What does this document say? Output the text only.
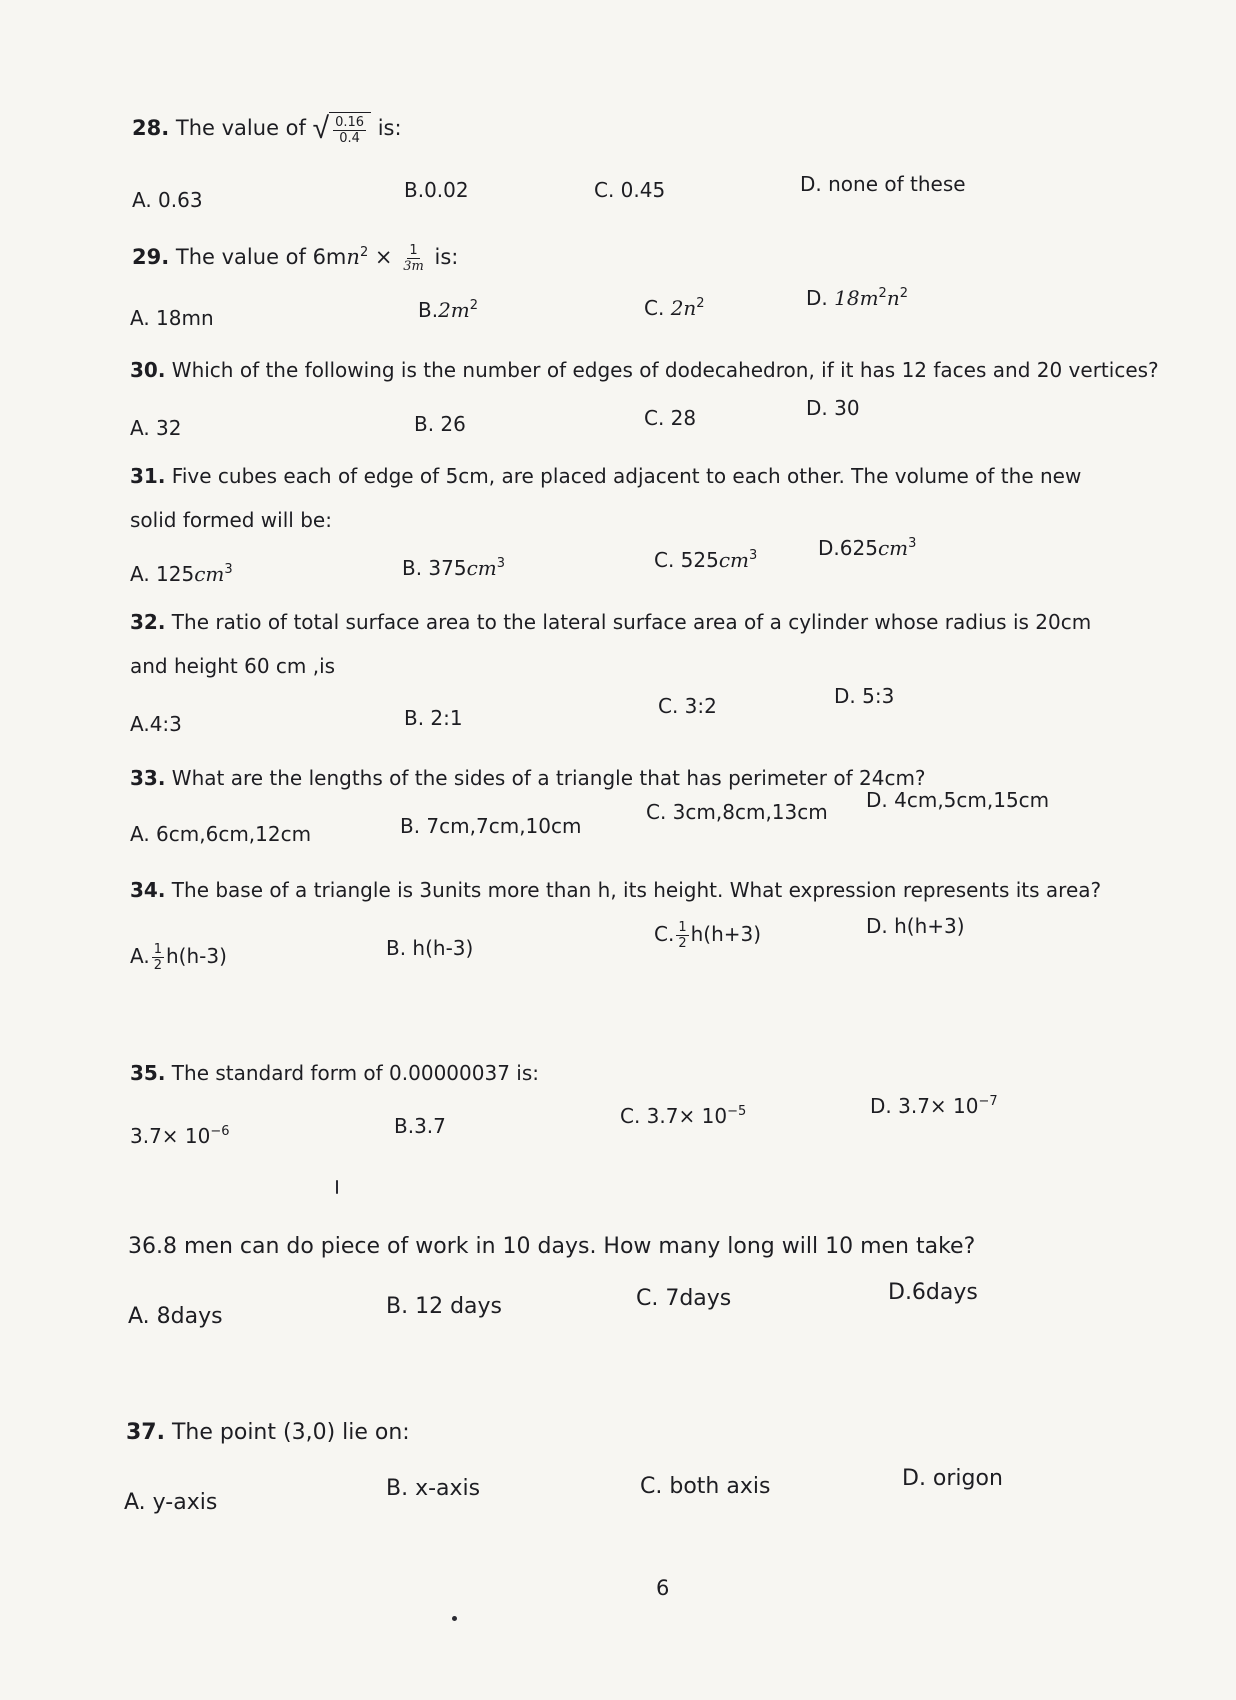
28. The value of √ $\frac{0.16}{0.4}$ is:
A. 0.63	B.0.02	C. 0.45	D. none of these
29. The value of $6mn^2 \times \frac{1}{3m}$ is:
A. 18mn	$B.2m^2$	C. $2n^2$	D. $18m^2n^2$
30. Which of the following is the number of edges of dodecahedron, if it has 12 faces and 20 vertices?
A. 32	B. 26	C. 28	D. 30
31. Five cubes each of edge of 5cm, are placed adjacent to each other. The volume of the new solid formed will be:
A. $125cm^3$	B. $375cm^3$	C. $525cm^3$	$D.625cm^3$
32. The ratio of total surface area to the lateral surface area of a cylinder whose radius is 20cm and height 60 cm ,is
A.4:3	B. 2:1	C. 3:2	D. 5:3
33. What are the lengths of the sides of a triangle that has perimeter of 24cm?
A. 6cm,6cm,12cm	B. 7cm,7cm,10cm
C. 3cm,8cm,13cm D. 4cm,5cm,15cm
34. The base of a triangle is 3units more than h, its height. What expression represents its area?
A. $\frac{1}{2} h(h-3)$	B. h(h-3)
C. $\frac{1}{2} h(h+3)$	D. h(h+3)
35. The standard form of 0.00000037 is:
$3.7\times 10^{-6}$	B.3.7	C. $3.7\times 10^{-5}$	D. $3.7\times 10^{-7}$
36.8 men can do piece of work in 10 days. How many long will 10 men take?
A. 8days	B. 12 days	C. 7days	D.6days
37. The point (3,0) lie on:
A. y-axis
B. x-axis	C. both axis	D. origon
6
